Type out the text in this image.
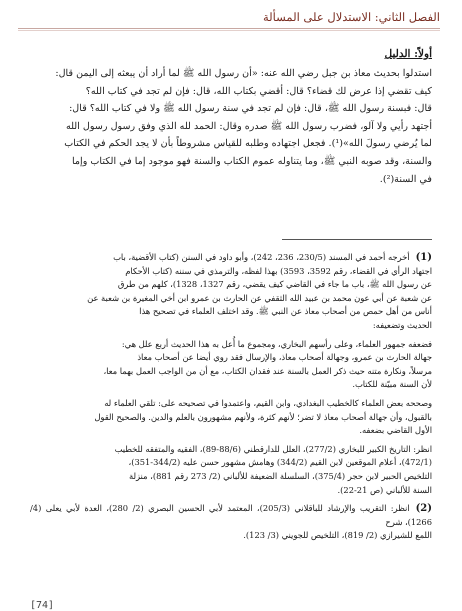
الفصل الثاني: الاستدلال على المسألة
أولاً: الدليل

استدلوا بحديث معاذ بن جبل رضي الله عنه: «أن رسول الله ﷺ لما أراد أن يبعثه إلى اليمن قال:

كيف تقضي إذا عرض لك قضاء؟ قال: أقضي بكتاب الله، قال: فإن لم تجد في كتاب الله؟

قال: فبسنة رسول الله ﷺ، قال: فإن لم تجد في سنة رسول الله ﷺ ولا في كتاب الله؟ قال:

أجتهد رأيي ولا آلو، فضرب رسول الله ﷺ صدره وقال: الحمد لله الذي وفق رسول رسول الله

لما يُرضي رسولَ الله»(¹). فجعل اجتهاده وطلبه للقياس مشروطاً بأن لا يجد الحكم في الكتاب

والسنة، وقد صوبه النبي ﷺ، وما يتناوله عموم الكتاب والسنة فهو موجود إما في الكتاب وإما

في السنة(²).

(1)أخرجه أحمد في المسند (230/5، 236، 242)، وأبو داود في السنن (كتاب الأقضية، باب

اجتهاد الرأي في القضاء، رقم 3592، 3593) بهذا لفظه، والترمذي في سننه (كتاب الأحكام

عن رسول الله ﷺ، باب ما جاء في القاضي كيف يقضي، رقم 1327، 1328)، كلهم من طرق

عن شعبة عن أبي عون محمد بن عبيد الله الثقفي عن الحارث بن عمرو ابن أخي المغيرة بن شعبة عن

أناس من أهل حمص من أصحاب معاذ عن النبي ﷺ. وقد اختلف العلماء في تصحيح هذا

الحديث وتضعيفه:

فضعفه جمهور العلماء، وعلى رأسهم البخاري، ومجموع ما أُعل به هذا الحديث أربع علل هي:

جهالة الحارث بن عمرو، وجهالة أصحاب معاذ، والإرسال فقد روي أيضا عن أصحاب معاذ

مرسلاً، ونكارة متنه حيث ذكر العمل بالسنة عند فقدان الكتاب، مع أن من الواجب العمل بهما معا،

لأن السنة مبيّنة للكتاب.

وصححه بعض العلماء كالخطيب البغدادي، وابن القيم، واعتمدوا في تصحيحه على: تلقي العلماء له

بالقبول، وأن جهالة أصحاب معاذ لا تضر؛ لأنهم كثرة، ولأنهم مشهورون بالعلم والدين. والصحيح القول

الأول القاضي بضعفه.

انظر: التاريخ الكبير للبخاري (277/2)، العلل للدارقطني (88/6-89)، الفقيه والمتفقه للخطيب

(472/1)، أعلام الموقعين لابن القيم (344/2) وهامش مشهور حسن عليه (344/2-351)،

التلخيص الحبير لابن حجر (375/4)، السلسلة الضعيفة للألباني (2/ 273 رقم 881)، منزلة

السنة للألباني (ص 21-22).

(2)انظر: التقريب والإرشاد للباقلاني (205/3)، المعتمد لأبي الحسين البصري (2/ 280)، العدة لأبي يعلى (4/ 1266)، شرح

اللمع للشيرازي (2/ 819)، التلخيص للجويني (3/ 123).

[74]
